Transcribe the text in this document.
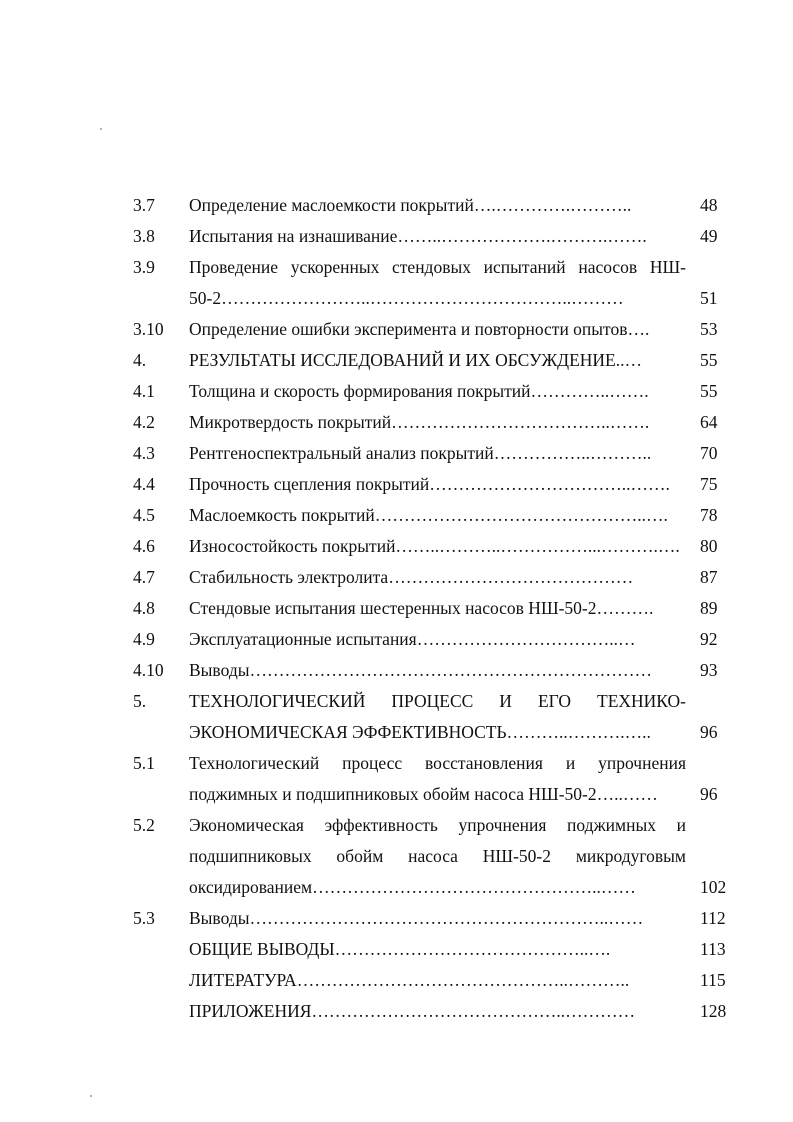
3.7	Определение маслоемкости покрытий….………….………..	48
3.8	Испытания на изнашивание……..……………….……….…….	49
3.9	Проведение ускоренных стендовых испытаний насосов НШ-
50-2……………………..……………………………..………	51
3.10	Определение ошибки эксперимента и повторности опытов….	53
4.	РЕЗУЛЬТАТЫ ИССЛЕДОВАНИЙ И ИХ ОБСУЖДЕНИЕ..…	55
4.1	Толщина и скорость формирования покрытий…………..…….	55
4.2	Микротвердость покрытий………………………………..…….	64
4.3	Рентгеноспектральный анализ покрытий……………..………..	70
4.4	Прочность сцепления покрытий……………………………..…….	75
4.5	Маслоемкость покрытий………………………………………..….	78
4.6	Износостойкость покрытий……..………..……………...……….….	80
4.7	Стабильность электролита……………………………………	87
4.8	Стендовые испытания шестеренных насосов НШ-50-2……….	89
4.9	Эксплуатационные испытания……………………………..…	92
4.10	Выводы……………………………………………………………	93
5.	ТЕХНОЛОГИЧЕСКИЙ ПРОЦЕСС И ЕГО ТЕХНИКО-
ЭКОНОМИЧЕСКАЯ ЭФФЕКТИВНОСТЬ………..……….…..	96
5.1	Технологический процесс восстановления и упрочнения
поджимных и подшипниковых обойм насоса НШ-50-2…..……	96
5.2	Экономическая эффективность упрочнения поджимных и
подшипниковых обойм насоса НШ-50-2 микродуговым
оксидированием…………………………………………..……	102
5.3	Выводы……………………………………………………..……	112
ОБЩИЕ ВЫВОДЫ……………………………………..….	113
ЛИТЕРАТУРА………………………………………..………..	115
ПРИЛОЖЕНИЯ……………………………………..…………	128
